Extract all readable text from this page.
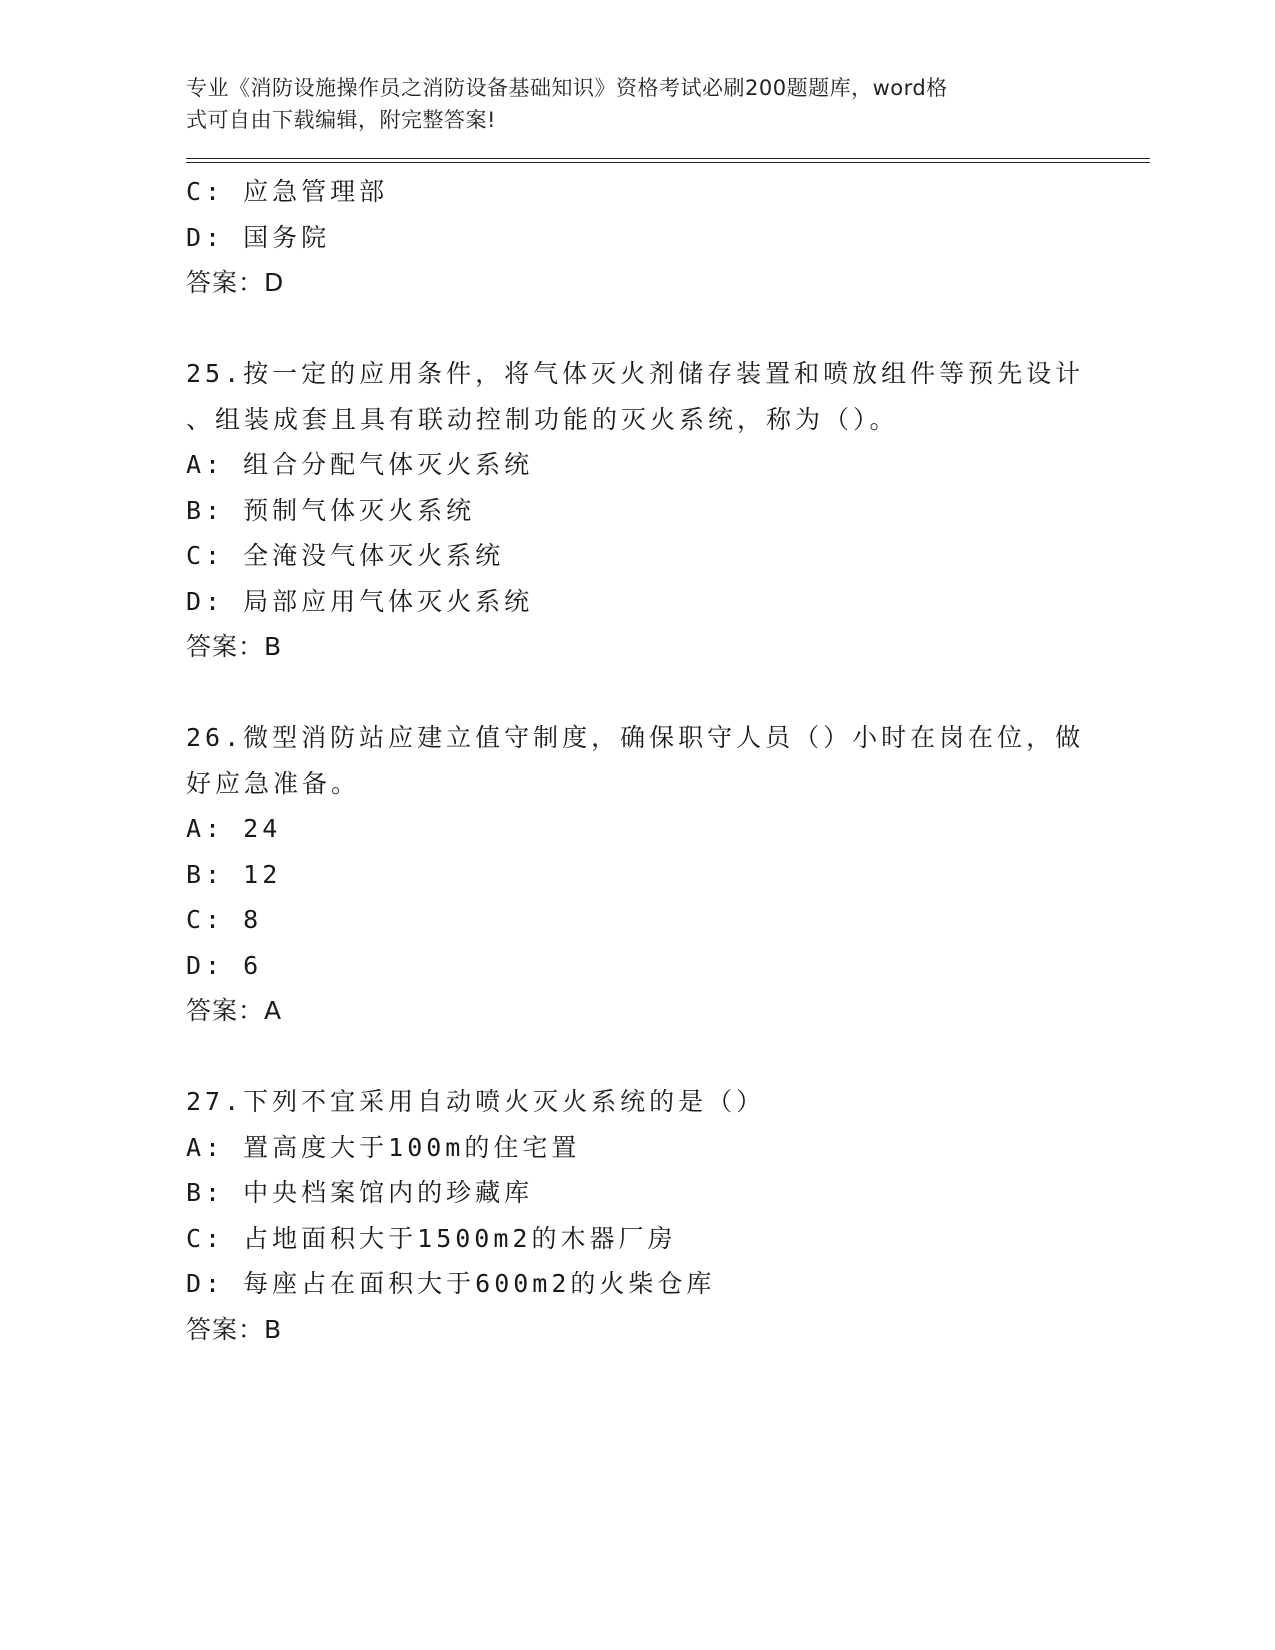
专业《消防设施操作员之消防设备基础知识》资格考试必刷200题题库，word格
式可自由下载编辑，附完整答案!
C: 应急管理部
D: 国务院
答案：D
25.按一定的应用条件，将气体灭火剂储存装置和喷放组件等预先设计
、组装成套且具有联动控制功能的灭火系统，称为（）。
A: 组合分配气体灭火系统
B: 预制气体灭火系统
C: 全淹没气体灭火系统
D: 局部应用气体灭火系统
答案：B
26.微型消防站应建立值守制度，确保职守人员（）小时在岗在位，做
好应急准备。
A: 24
B: 12
C: 8
D: 6
答案：A
27.下列不宜采用自动喷火灭火系统的是（）
A: 置高度大于100m的住宅置
B: 中央档案馆内的珍藏库
C: 占地面积大于1500m2的木器厂房
D: 每座占在面积大于600m2的火柴仓库
答案：B
